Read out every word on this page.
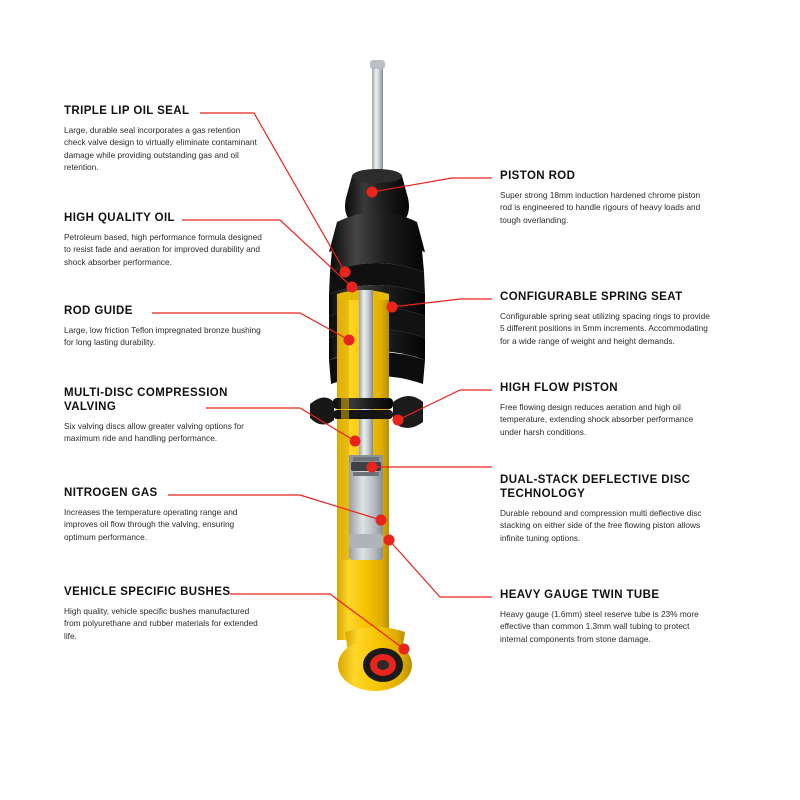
TRIPLE LIP OIL SEAL
Large, durable seal incorporates a gas retention check valve design to virtually eliminate contaminant damage while providing outstanding gas and oil retention.
HIGH QUALITY OIL
Petroleum based, high performance formula designed to resist fade and aeration for improved durability and shock absorber performance.
ROD GUIDE
Large, low friction Teflon impregnated bronze bushing for long lasting durability.
MULTI-DISC COMPRESSION VALVING
Six valving discs allow greater valving options for maximum ride and handling performance.
NITROGEN GAS
Increases the temperature operating range and improves oil flow through the valving, ensuring optimum performance.
VEHICLE SPECIFIC BUSHES
High quality, vehicle specific bushes manufactured from polyurethane and rubber materials for extended life.
PISTON ROD
Super strong 18mm induction hardened chrome piston rod is engineered to handle rigours of heavy loads and tough overlanding.
CONFIGURABLE SPRING SEAT
Configurable spring seat utilizing spacing rings to provide 5 different positions in 5mm increments. Accommodating for a wide range of weight and height demands.
HIGH FLOW PISTON
Free flowing design reduces aeration and high oil temperature, extending shock absorber performance under harsh conditions.
DUAL-STACK DEFLECTIVE DISC TECHNOLOGY
Durable rebound and compression multi deflective disc stacking on either side of the free flowing piston allows infinite tuning options.
HEAVY GAUGE TWIN TUBE
Heavy gauge (1.6mm) steel reserve tube is 23% more effective than common 1.3mm wall tubing to protect internal components from stone damage.
